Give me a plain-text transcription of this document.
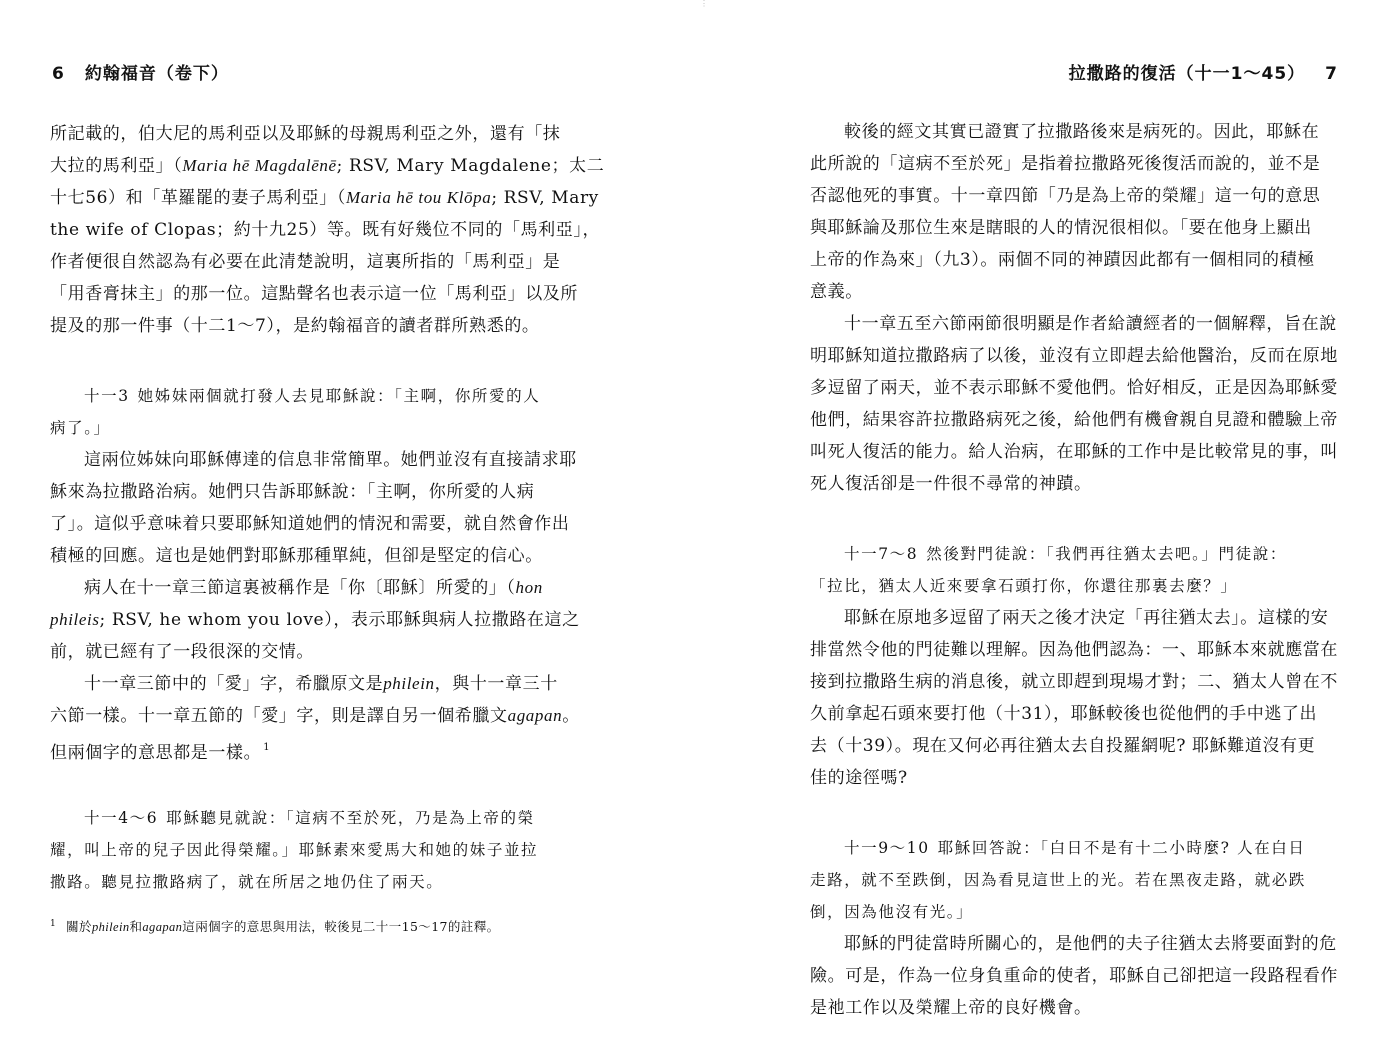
⋮
6 約翰福音（卷下）
所記載的，伯大尼的馬利亞以及耶穌的母親馬利亞之外，還有「抹
大拉的馬利亞」（Maria hē Magdalēnē; RSV, Mary Magdalene；太二
十七56）和「革羅罷的妻子馬利亞」（Maria hē tou Klōpa; RSV, Mary
the wife of Clopas；約十九25）等。既有好幾位不同的「馬利亞」，
作者便很自然認為有必要在此清楚說明，這裏所指的「馬利亞」是
「用香膏抹主」的那一位。這點聲名也表示這一位「馬利亞」以及所
提及的那一件事（十二1～7），是約翰福音的讀者群所熟悉的。
十一3 她姊妹兩個就打發人去見耶穌說：「主啊，你所愛的人
病了。」
這兩位姊妹向耶穌傳達的信息非常簡單。她們並沒有直接請求耶
穌來為拉撒路治病。她們只告訴耶穌說：「主啊，你所愛的人病
了」。這似乎意味着只要耶穌知道她們的情況和需要，就自然會作出
積極的回應。這也是她們對耶穌那種單純，但卻是堅定的信心。
病人在十一章三節這裏被稱作是「你〔耶穌〕所愛的」（hon
phileis; RSV, he whom you love），表示耶穌與病人拉撒路在這之
前，就已經有了一段很深的交情。
十一章三節中的「愛」字，希臘原文是philein，與十一章三十
六節一樣。十一章五節的「愛」字，則是譯自另一個希臘文agapan。
但兩個字的意思都是一樣。 $^1$
十一4～6 耶穌聽見就說：「這病不至於死，乃是為上帝的榮
耀，叫上帝的兒子因此得榮耀。」耶穌素來愛馬大和她的妹子並拉
撒路。聽見拉撒路病了，就在所居之地仍住了兩天。
$^1$ 關於philein和agapan這兩個字的意思與用法，較後見二十一15～17的註釋。
拉撒路的復活（十一1～45） 7
較後的經文其實已證實了拉撒路後來是病死的。因此，耶穌在
此所說的「這病不至於死」是指着拉撒路死後復活而說的，並不是
否認他死的事實。十一章四節「乃是為上帝的榮耀」這一句的意思
與耶穌論及那位生來是瞎眼的人的情況很相似。「要在他身上顯出
上帝的作為來」（九3）。兩個不同的神蹟因此都有一個相同的積極
意義。
十一章五至六節兩節很明顯是作者給讀經者的一個解釋，旨在說
明耶穌知道拉撒路病了以後，並沒有立即趕去給他醫治，反而在原地
多逗留了兩天，並不表示耶穌不愛他們。恰好相反，正是因為耶穌愛
他們，結果容許拉撒路病死之後，給他們有機會親自見證和體驗上帝
叫死人復活的能力。給人治病，在耶穌的工作中是比較常見的事，叫
死人復活卻是一件很不尋常的神蹟。
十一7～8 然後對門徒說：「我們再往猶太去吧。」門徒說：
「拉比，猶太人近來要拿石頭打你，你還往那裏去麼？」
耶穌在原地多逗留了兩天之後才決定「再往猶太去」。這樣的安
排當然令他的門徒難以理解。因為他們認為：一、耶穌本來就應當在
接到拉撒路生病的消息後，就立即趕到現場才對；二、猶太人曾在不
久前拿起石頭來要打他（十31），耶穌較後也從他們的手中逃了出
去（十39）。現在又何必再往猶太去自投羅網呢? 耶穌難道沒有更
佳的途徑嗎?
十一9～10 耶穌回答說：「白日不是有十二小時麼? 人在白日
走路，就不至跌倒，因為看見這世上的光。若在黑夜走路，就必跌
倒，因為他沒有光。」
耶穌的門徒當時所關心的，是他們的夫子往猶太去將要面對的危
險。可是，作為一位身負重命的使者，耶穌自己卻把這一段路程看作
是祂工作以及榮耀上帝的良好機會。
